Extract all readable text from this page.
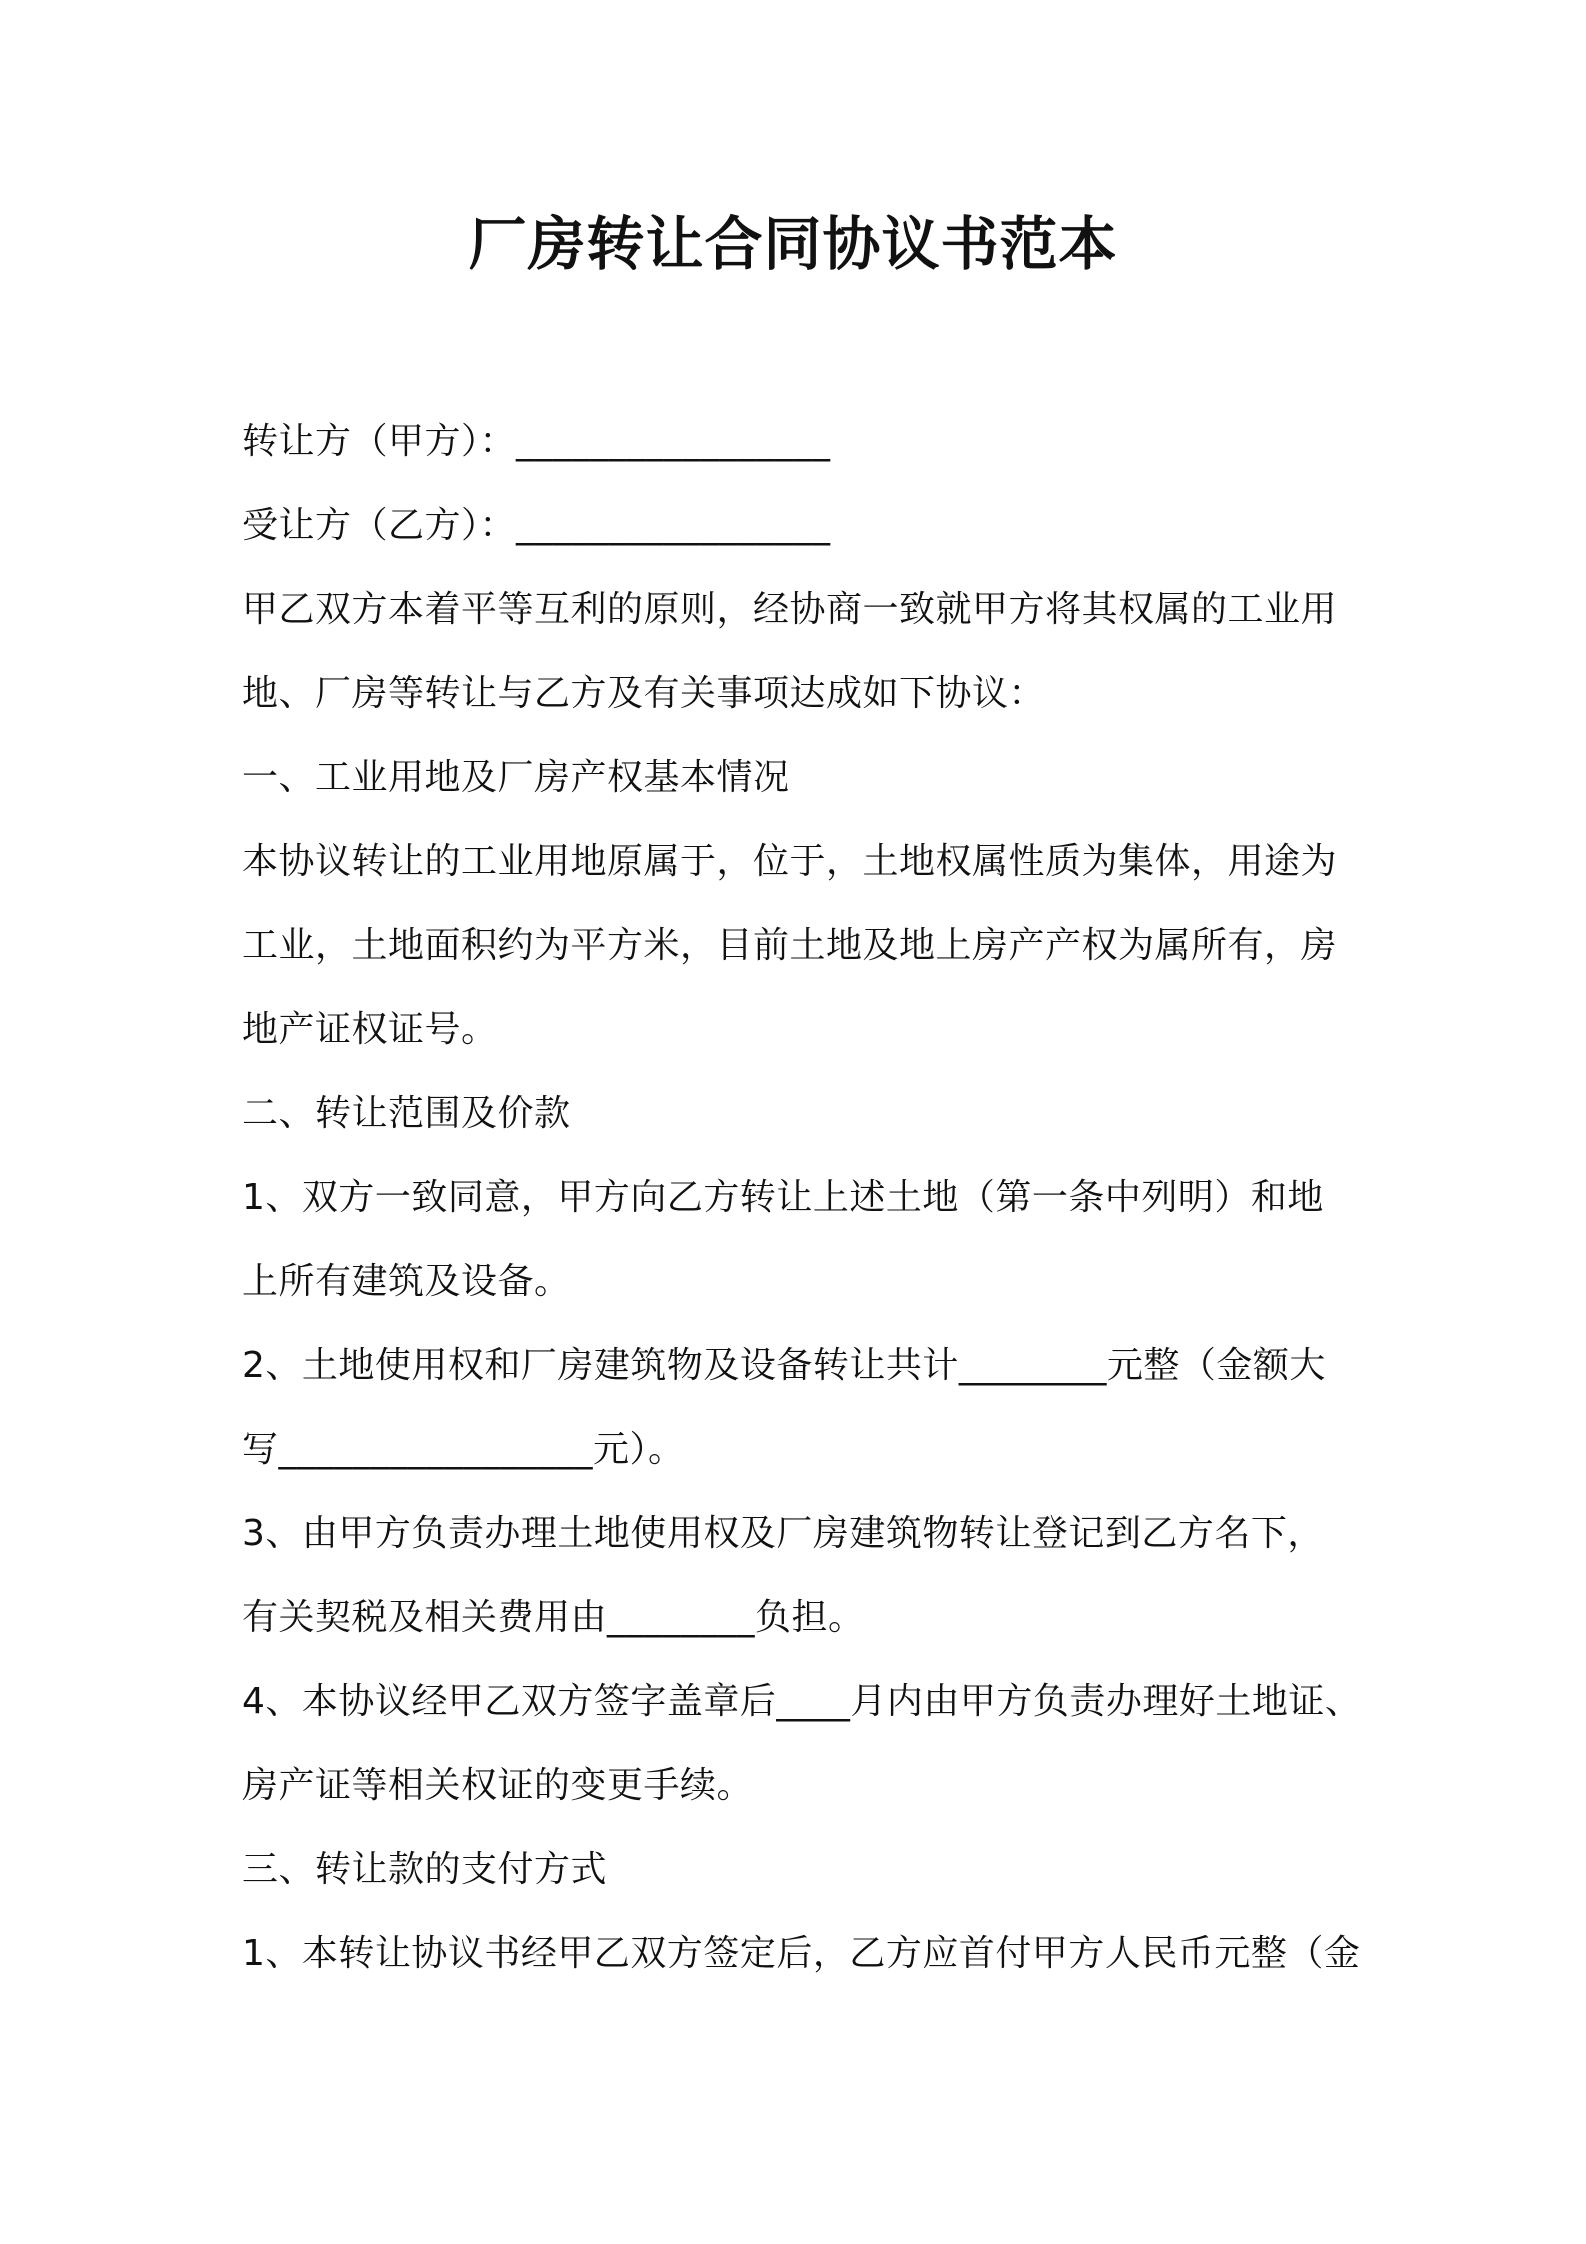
厂房转让合同协议书范本
转让方（甲方）：_________________
受让方（乙方）：_________________
甲乙双方本着平等互利的原则，经协商一致就甲方将其权属的工业用
地、厂房等转让与乙方及有关事项达成如下协议：
一、工业用地及厂房产权基本情况
本协议转让的工业用地原属于，位于，土地权属性质为集体，用途为
工业，土地面积约为平方米，目前土地及地上房产产权为属所有，房
地产证权证号。
二、转让范围及价款
1、双方一致同意，甲方向乙方转让上述土地（第一条中列明）和地
上所有建筑及设备。
2、土地使用权和厂房建筑物及设备转让共计________元整（金额大
写_________________元）。
3、由甲方负责办理土地使用权及厂房建筑物转让登记到乙方名下，
有关契税及相关费用由________负担。
4、本协议经甲乙双方签字盖章后____月内由甲方负责办理好土地证、
房产证等相关权证的变更手续。
三、转让款的支付方式
1、本转让协议书经甲乙双方签定后，乙方应首付甲方人民币元整（金
